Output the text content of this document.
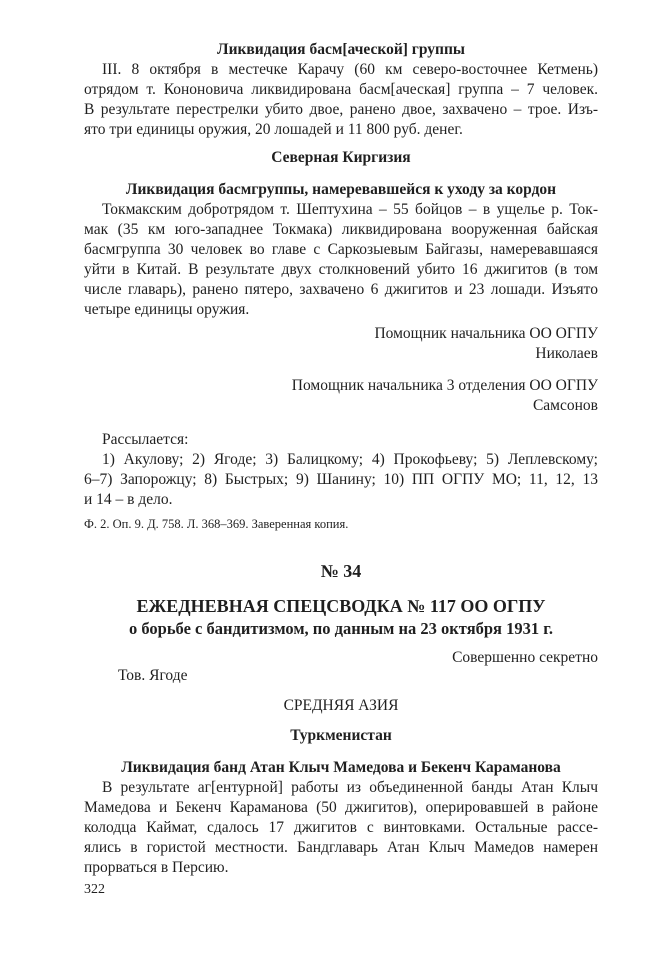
Ликвидация басм[аческой] группы
III. 8 октября в местечке Карачу (60 км северо-восточнее Кетмень)
отрядом т. Кононовича ликвидирована басм[аческая] группа – 7 человек.
В результате перестрелки убито двое, ранено двое, захвачено – трое. Изъ-
ято три единицы оружия, 20 лошадей и 11 800 руб. денег.
Северная Киргизия
Ликвидация басмгруппы, намеревавшейся к уходу за кордон
Токмакским добротрядом т. Шептухина – 55 бойцов – в ущелье р. Ток-
мак (35 км юго-западнее Токмака) ликвидирована вооруженная байская
басмгруппа 30 человек во главе с Саркозыевым Байгазы, намеревавшаяся
уйти в Китай. В результате двух столкновений убито 16 джигитов (в том
числе главарь), ранено пятеро, захвачено 6 джигитов и 23 лошади. Изъято
четыре единицы оружия.
Помощник начальника ОО ОГПУ
Николаев
Помощник начальника 3 отделения ОО ОГПУ
Самсонов
Рассылается:
1) Акулову; 2) Ягоде; 3) Балицкому; 4) Прокофьеву; 5) Леплевскому;
6–7) Запорожцу; 8) Быстрых; 9) Шанину; 10) ПП ОГПУ МО; 11, 12, 13
и 14 – в дело.
Ф. 2. Оп. 9. Д. 758. Л. 368–369. Заверенная копия.
№ 34
ЕЖЕДНЕВНАЯ СПЕЦСВОДКА № 117 ОО ОГПУ
о борьбе с бандитизмом, по данным на 23 октября 1931 г.
Совершенно секретно
Тов. Ягоде
СРЕДНЯЯ АЗИЯ
Туркменистан
Ликвидация банд Атан Клыч Мамедова и Бекенч Караманова
В результате аг[ентурной] работы из объединенной банды Атан Клыч
Мамедова и Бекенч Караманова (50 джигитов), оперировавшей в районе
колодца Каймат, сдалось 17 джигитов с винтовками. Остальные рассе-
ялись в гористой местности. Бандглаварь Атан Клыч Мамедов намерен
прорваться в Персию.
322
